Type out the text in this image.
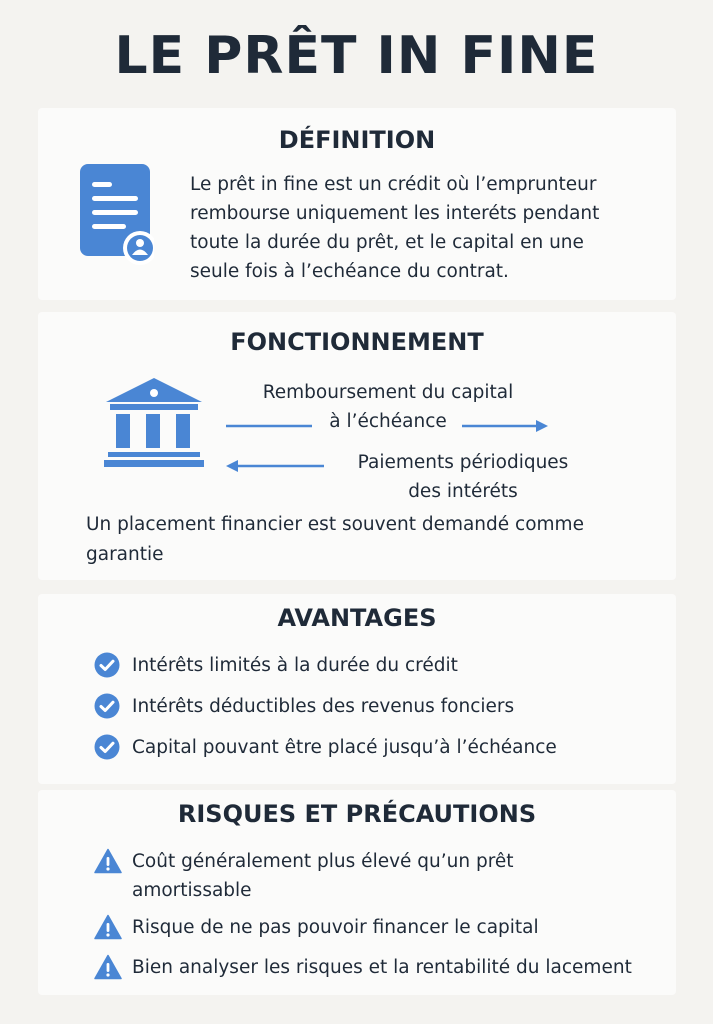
LE PRÊT IN FINE
DÉFINITION
Le prêt in fine est un crédit où l’emprunteur
rembourse uniquement les interéts pendant
toute la durée du prêt, et le capital en une
seule fois à l’echéance du contrat.
FONCTIONNEMENT
Remboursement du capital
à l’échéance
Paiements périodiques
des intéréts
Un placement financier est souvent demandé comme
garantie
AVANTAGES
Intérêts limités à la durée du crédit
Intérêts déductibles des revenus fonciers
Capital pouvant être placé jusqu’à l’échéance
RISQUES ET PRÉCAUTIONS
Coût généralement plus élevé qu’un prêt
amortissable
Risque de ne pas pouvoir financer le capital
Bien analyser les risques et la rentabilité du lacement
